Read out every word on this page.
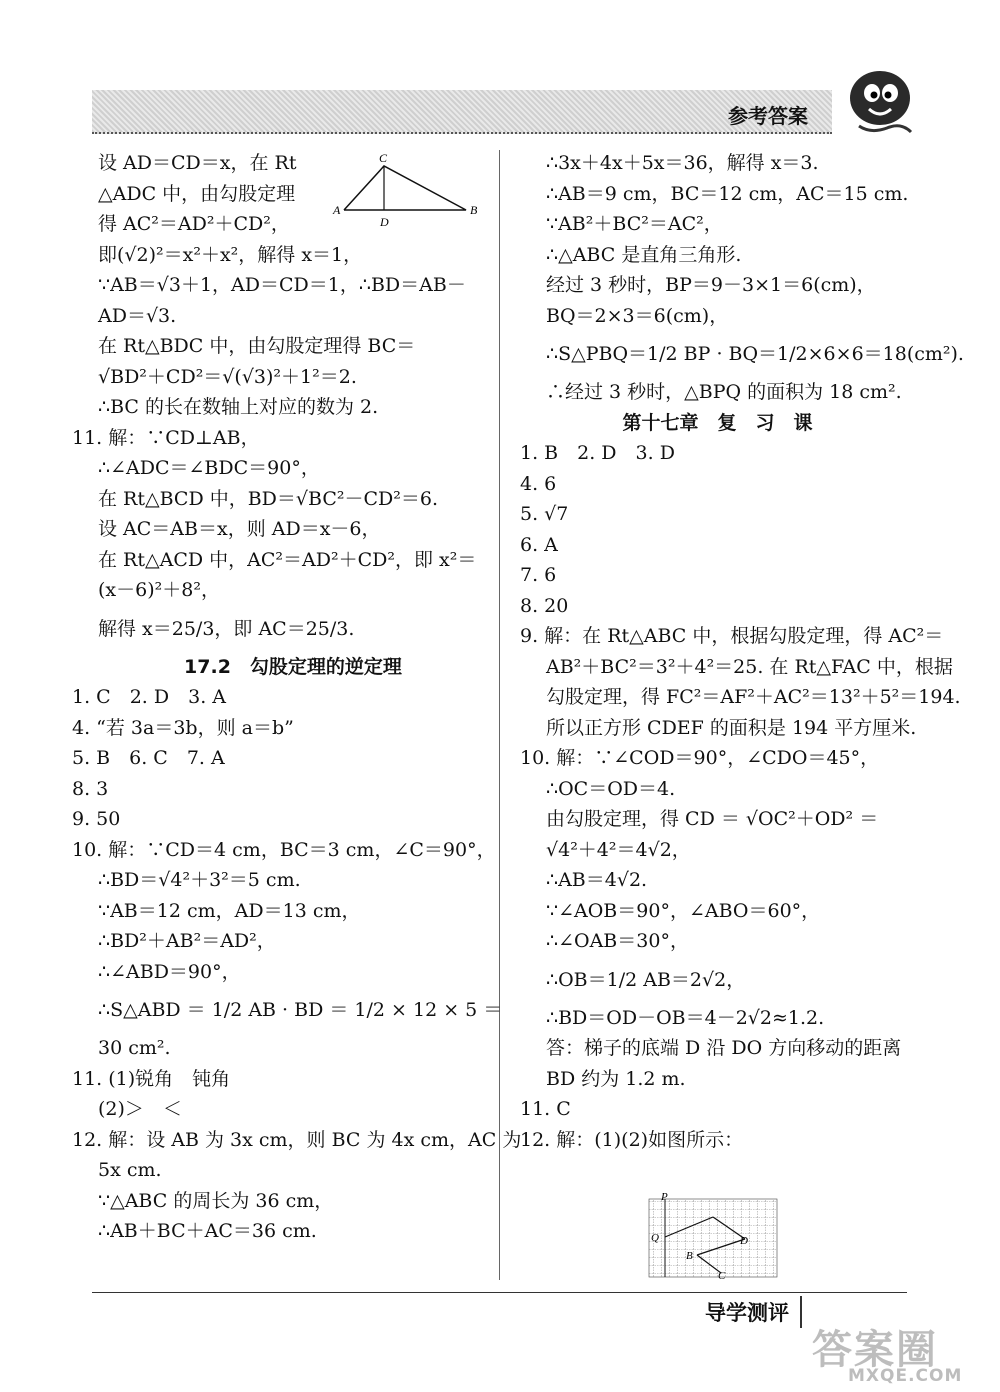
参考答案
C
A
D
B
设 AD＝CD＝x，在 Rt
△ADC 中，由勾股定理
得 AC²＝AD²＋CD²，
即(√2)²＝x²＋x²，解得 x＝1，
∵AB＝√3＋1，AD＝CD＝1，∴BD＝AB－
AD＝√3.
在 Rt△BDC 中，由勾股定理得 BC＝
√BD²＋CD²＝√(√3)²＋1²＝2.
∴BC 的长在数轴上对应的数为 2.
11. 解：∵CD⊥AB，
∴∠ADC＝∠BDC＝90°，
在 Rt△BCD 中，BD＝√BC²－CD²＝6.
设 AC＝AB＝x，则 AD＝x－6，
在 Rt△ACD 中，AC²＝AD²＋CD²，即 x²＝
(x－6)²＋8²，
解得 x＝25/3，即 AC＝25/3.
17.2　勾股定理的逆定理
1. C　2. D　3. A
4. “若 3a＝3b，则 a＝b”
5. B　6. C　7. A
8. 3
9. 50
10. 解：∵CD＝4 cm，BC＝3 cm，∠C＝90°，
∴BD＝√4²＋3²＝5 cm.
∵AB＝12 cm，AD＝13 cm，
∴BD²＋AB²＝AD²，
∴∠ABD＝90°，
∴S△ABD ＝ 1/2 AB · BD ＝ 1/2 × 12 × 5 ＝
30 cm².
11. (1)锐角　钝角
(2)＞　＜
12. 解：设 AB 为 3x cm，则 BC 为 4x cm，AC 为
5x cm.
∵△ABC 的周长为 36 cm，
∴AB＋BC＋AC＝36 cm.
∴3x＋4x＋5x＝36，解得 x＝3.
∴AB＝9 cm，BC＝12 cm，AC＝15 cm.
∵AB²＋BC²＝AC²，
∴△ABC 是直角三角形.
经过 3 秒时，BP＝9－3×1＝6(cm)，
BQ＝2×3＝6(cm)，
∴S△PBQ＝1/2 BP · BQ＝1/2×6×6＝18(cm²).
∴经过 3 秒时，△BPQ 的面积为 18 cm².
第十七章　复　习　课
1. B　2. D　3. D
4. 6
5. √7
6. A
7. 6
8. 20
9. 解：在 Rt△ABC 中，根据勾股定理，得 AC²＝
AB²＋BC²＝3²＋4²＝25. 在 Rt△FAC 中，根据
勾股定理，得 FC²＝AF²＋AC²＝13²＋5²＝194.
所以正方形 CDEF 的面积是 194 平方厘米.
10. 解：∵∠COD＝90°，∠CDO＝45°，
∴OC＝OD＝4.
由勾股定理，得 CD ＝ √OC²＋OD² ＝
√4²＋4²＝4√2，
∴AB＝4√2.
∵∠AOB＝90°，∠ABO＝60°，
∴∠OAB＝30°，
∴OB＝1/2 AB＝2√2，
∴BD＝OD－OB＝4－2√2≈1.2.
答：梯子的底端 D 沿 DO 方向移动的距离
BD 约为 1.2 m.
11. C
12. 解：(1)(2)如图所示：
P
Q	D
B
C
导学测评
答案圈
MXQE.COM
